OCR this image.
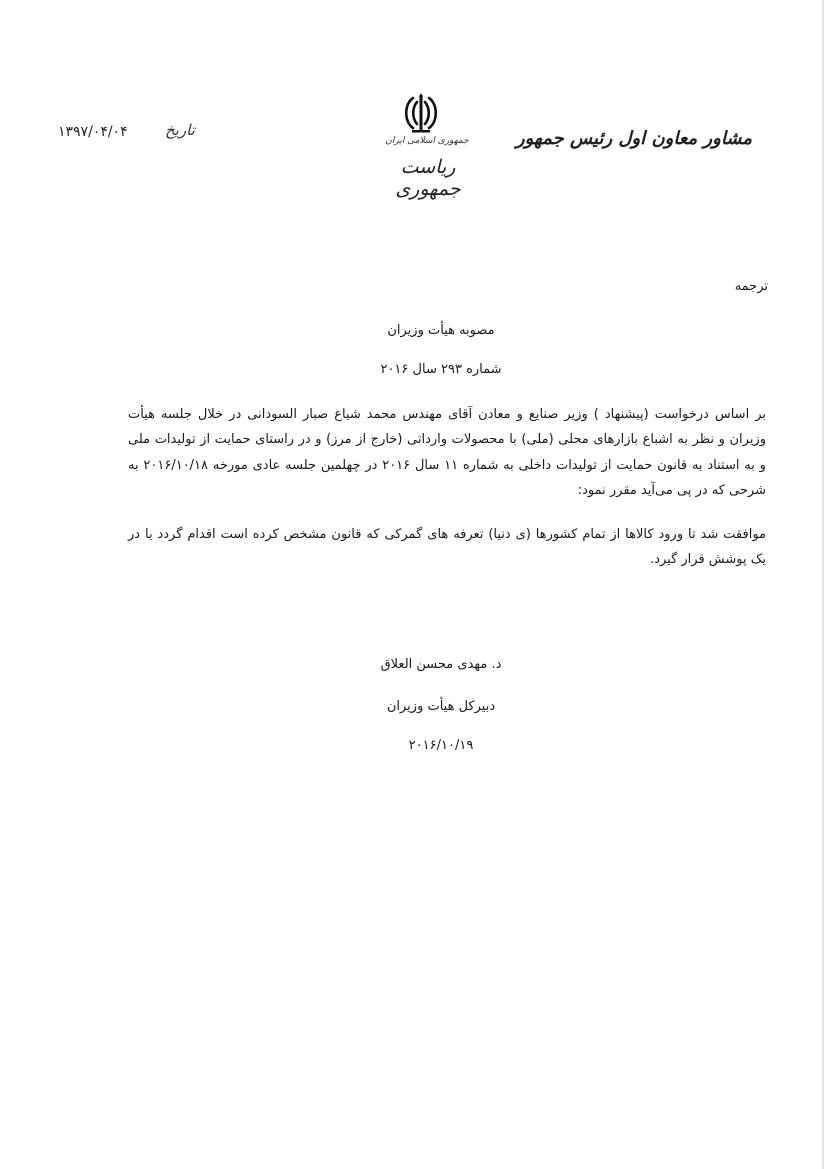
۱۳۹۷/۰۴/۰۴ تاریخ
جمهوری اسلامی ایران
ریاست جمهوری
مشاور معاون اول رئیس جمهور
ترجمه
مصوبه هیأت وزیران
شماره ۲۹۳ سال ۲۰۱۶
بر اساس درخواست (پیشنهاد ) وزیر صنایع و معادن آقای مهندس محمد شیاع صبار السودانی در خلال جلسه هیأت وزیران و نظر به اشباع بازارهای محلی (ملی) با محصولات وارداتی (خارج از مرز) و در راستای حمایت از تولیدات ملی و به استناد به قانون حمایت از تولیدات داخلی به شماره ۱۱ سال ۲۰۱۶ در چهلمین جلسه عادی مورخه ۲۰۱۶/۱۰/۱۸ به شرحی که در پی می‌آید مقرر نمود:
موافقت شد تا ورود کالاها از تمام کشورها (ی دنیا) تعرفه های گمرکی که قانون مشخص کرده است اقدام گردد یا در یک پوشش قرار گیرد.
د. مهدی محسن العلاق
دبیرکل هیأت وزیران
۲۰۱۶/۱۰/۱۹
